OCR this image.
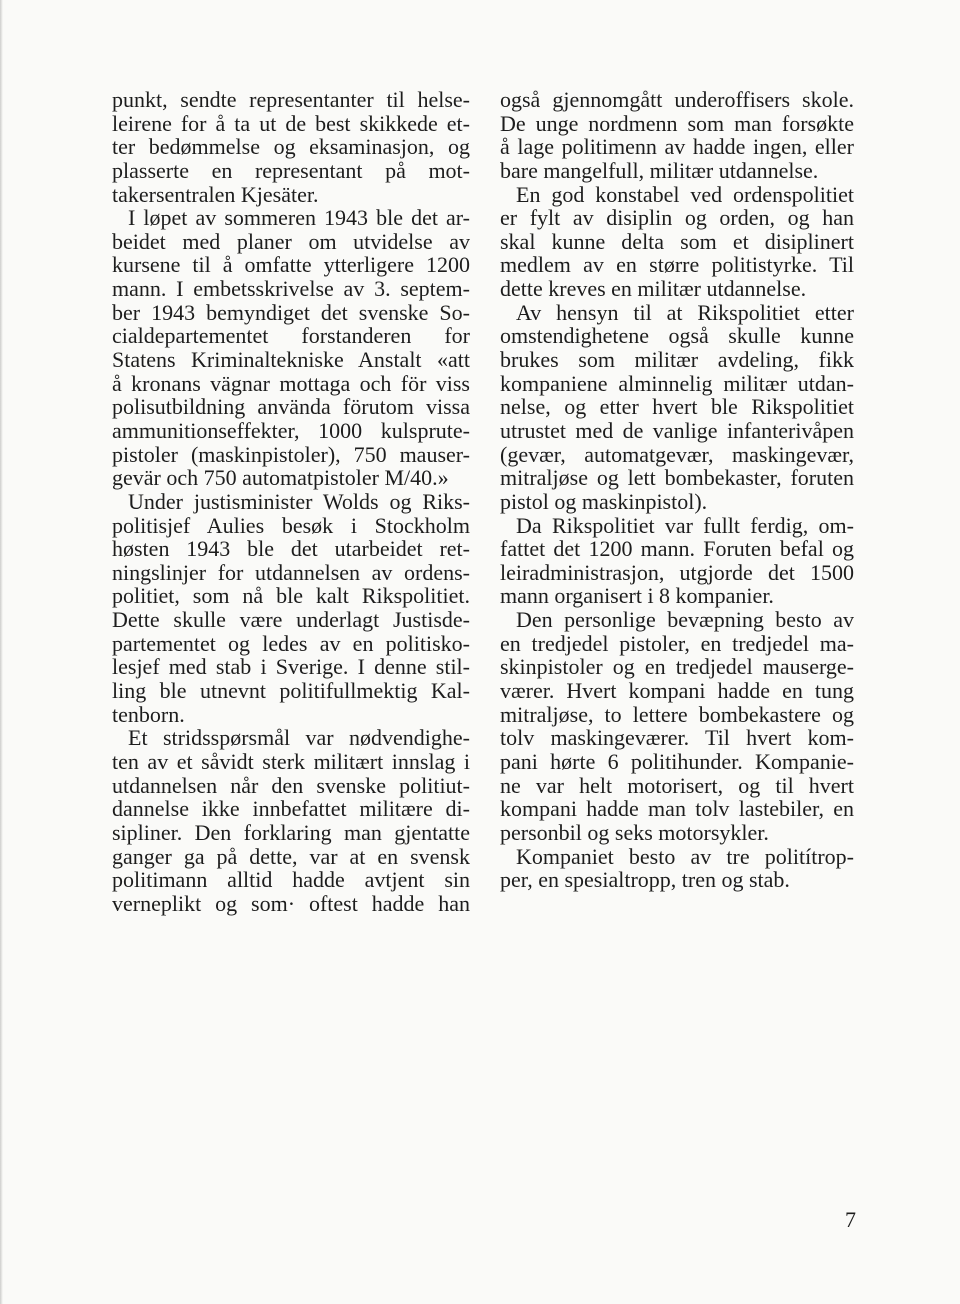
punkt, sendte representanter til helse-
leirene for å ta ut de best skikkede et-
ter bedømmelse og eksaminasjon, og
plasserte en representant på mot-
takersentralen Kjesäter.
I løpet av sommeren 1943 ble det ar-
beidet med planer om utvidelse av
kursene til å omfatte ytterligere 1200
mann. I embetsskrivelse av 3. septem-
ber 1943 bemyndiget det svenske So-
cialdepartementet forstanderen for
Statens Kriminaltekniske Anstalt «att
å kronans vägnar mottaga och för viss
polisutbildning använda förutom vissa
ammunitionseffekter, 1000 kulsprute-
pistoler (maskinpistoler), 750 mauser-
gevär och 750 automatpistoler M/40.»
Under justisminister Wolds og Riks-
politisjef Aulies besøk i Stockholm
høsten 1943 ble det utarbeidet ret-
ningslinjer for utdannelsen av ordens-
politiet, som nå ble kalt Rikspolitiet.
Dette skulle være underlagt Justisde-
partementet og ledes av en politisko-
lesjef med stab i Sverige. I denne stil-
ling ble utnevnt politifullmektig Kal-
tenborn.
Et stridsspørsmål var nødvendighe-
ten av et såvidt sterk militært innslag i
utdannelsen når den svenske politiut-
dannelse ikke innbefattet militære di-
sipliner. Den forklaring man gjentatte
ganger ga på dette, var at en svensk
politimann alltid hadde avtjent sin
verneplikt og som· oftest hadde han
også gjennomgått underoffisers skole.
De unge nordmenn som man forsøkte
å lage politimenn av hadde ingen, eller
bare mangelfull, militær utdannelse.
En god konstabel ved ordenspolitiet
er fylt av disiplin og orden, og han
skal kunne delta som et disiplinert
medlem av en større politistyrke. Til
dette kreves en militær utdannelse.
Av hensyn til at Rikspolitiet etter
omstendighetene også skulle kunne
brukes som militær avdeling, fikk
kompaniene alminnelig militær utdan-
nelse, og etter hvert ble Rikspolitiet
utrustet med de vanlige infanterivåpen
(gevær, automatgevær, maskingevær,
mitraljøse og lett bombekaster, foruten
pistol og maskinpistol).
Da Rikspolitiet var fullt ferdig, om-
fattet det 1200 mann. Foruten befal og
leiradministrasjon, utgjorde det 1500
mann organisert i 8 kompanier.
Den personlige bevæpning besto av
en tredjedel pistoler, en tredjedel ma-
skinpistoler og en tredjedel mauserge-
værer. Hvert kompani hadde en tung
mitraljøse, to lettere bombekastere og
tolv maskingeværer. Til hvert kom-
pani hørte 6 politihunder. Kompanie-
ne var helt motorisert, og til hvert
kompani hadde man tolv lastebiler, en
personbil og seks motorsykler.
Kompaniet besto av tre politítrop-
per, en spesialtropp, tren og stab.
7
